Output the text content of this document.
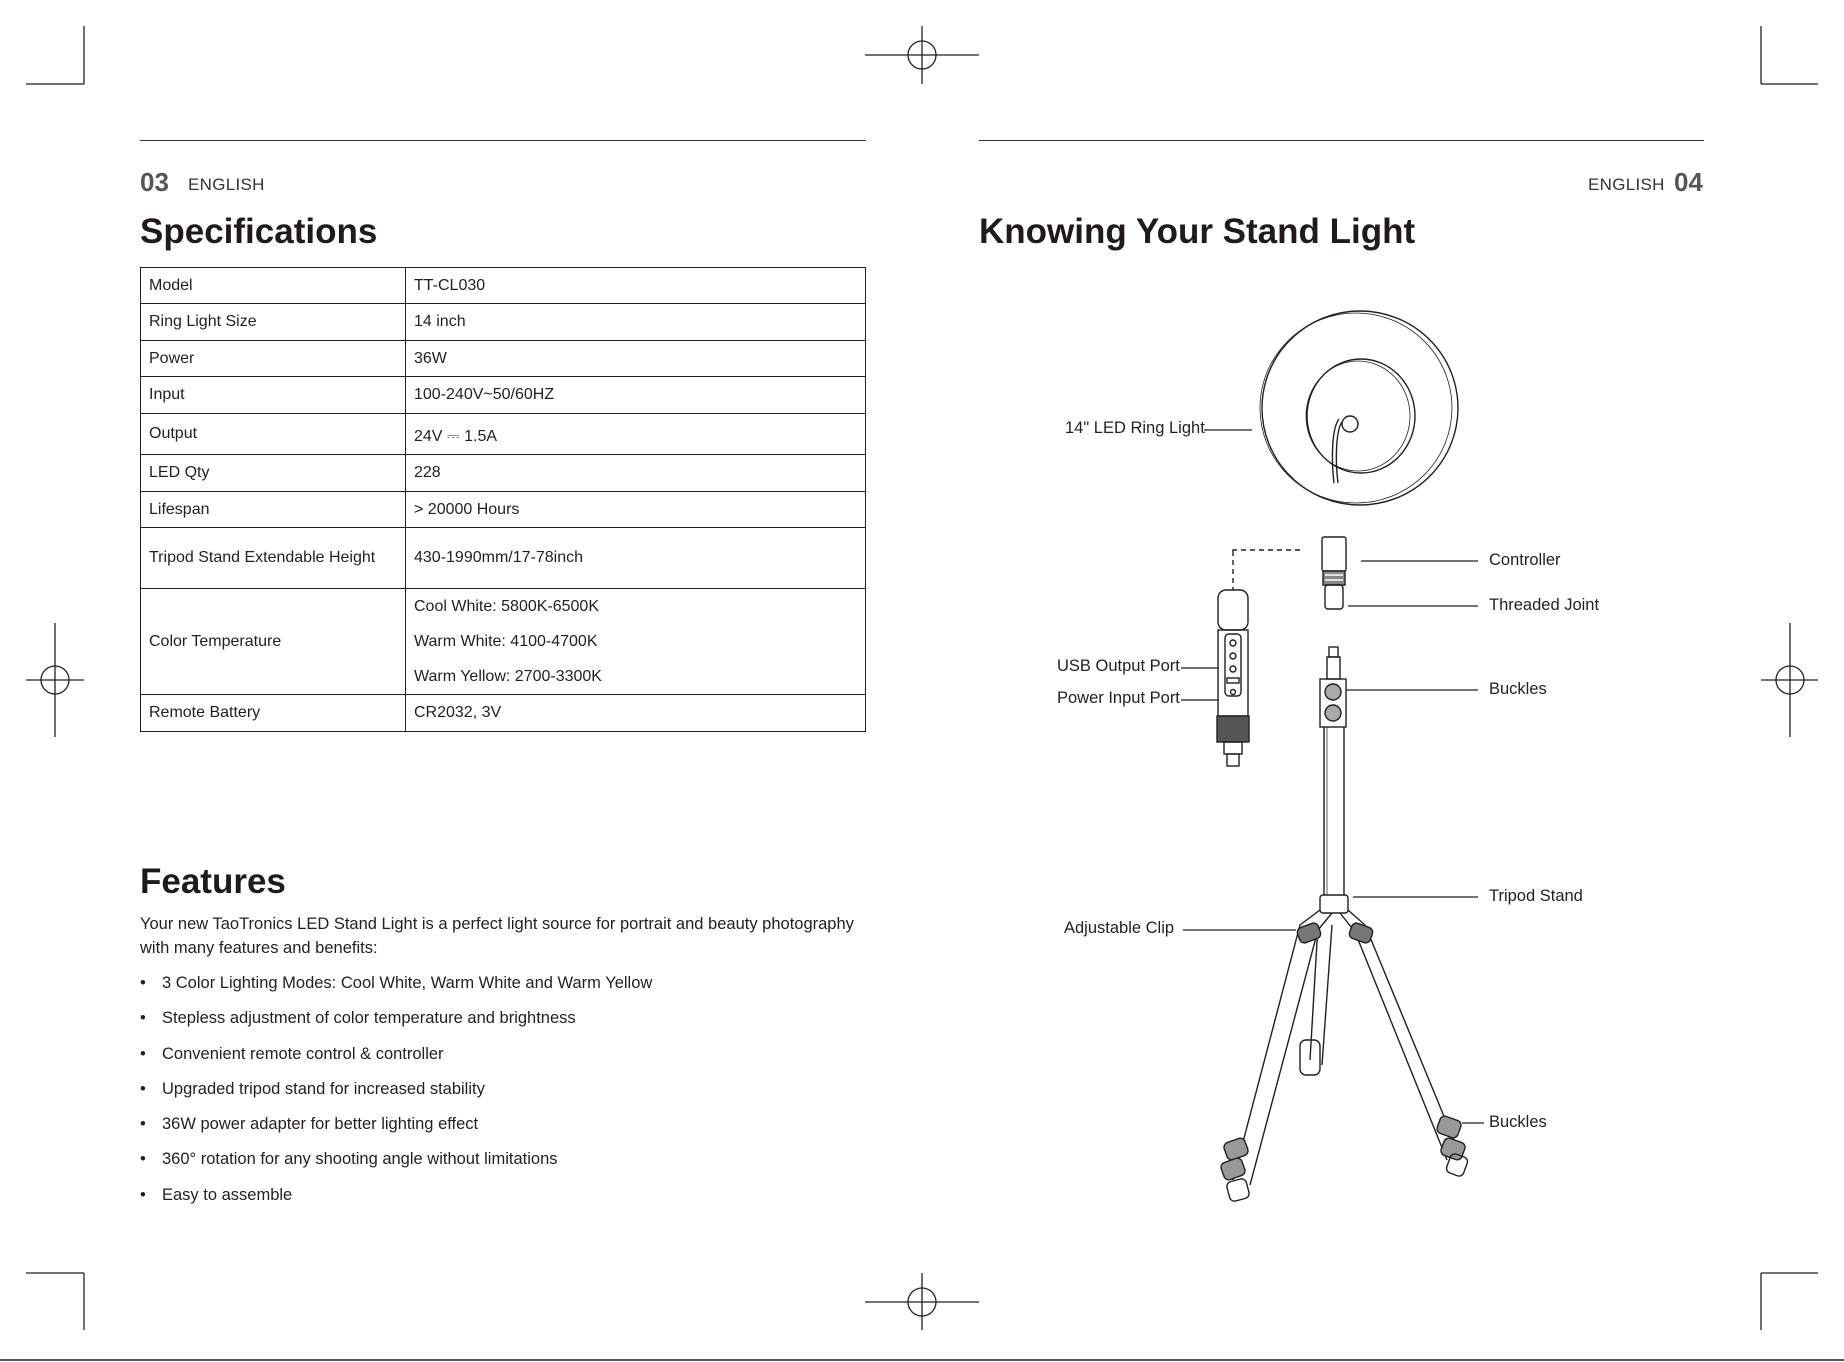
03 ENGLISH
Specifications
Model	TT-CL030
Ring Light Size	14 inch
Power	36W
Input	100-240V~50/60HZ
Output	24V ⎓ 1.5A
LED Qty	228
Lifespan	> 20000 Hours
Tripod Stand Extendable Height	430-1990mm/17-78inch
Color Temperature	Cool White: 5800K-6500K
Warm White: 4100-4700K
Warm Yellow: 2700-3300K

Remote Battery	CR2032, 3V
Features

Your new TaoTronics LED Stand Light is a perfect light source for portrait and beauty photography with many features and benefits:

• 3 Color Lighting Modes: Cool White, Warm White and Warm Yellow
• Stepless adjustment of color temperature and brightness
• Convenient remote control & controller
• Upgraded tripod stand for increased stability
• 36W power adapter for better lighting effect
• 360° rotation for any shooting angle without limitations
• Easy to assemble
ENGLISH 04
Knowing Your Stand Light
14" LED Ring Light
Controller
Threaded Joint
USB Output Port
Power Input Port	Buckles
Tripod Stand
Adjustable Clip
Buckles
